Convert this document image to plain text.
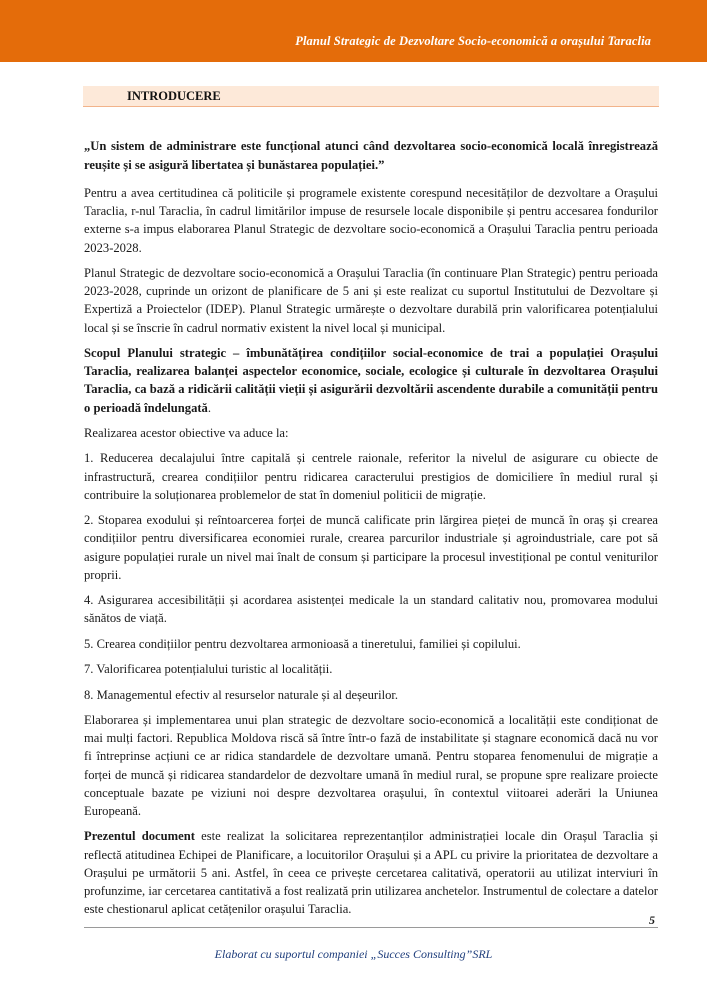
Planul Strategic de Dezvoltare Socio-economică a orașului Taraclia
INTRODUCERE

„Un sistem de administrare este funcțional atunci când dezvoltarea socio-economică locală înregistrează reușite și se asigură libertatea și bunăstarea populației.”

Pentru a avea certitudinea că politicile și programele existente corespund necesităților de dezvoltare a Orașului Taraclia, r-nul Taraclia, în cadrul limitărilor impuse de resursele locale disponibile și pentru accesarea fondurilor externe s-a impus elaborarea Planul Strategic de dezvoltare socio-economică a Orașului Taraclia pentru perioada 2023-2028.

Planul Strategic de dezvoltare socio-economică a Orașului Taraclia (în continuare Plan Strategic) pentru perioada 2023-2028, cuprinde un orizont de planificare de 5 ani și este realizat cu suportul Institutului de Dezvoltare și Expertiză a Proiectelor (IDEP). Planul Strategic urmărește o dezvoltare durabilă prin valorificarea potențialului local și se înscrie în cadrul normativ existent la nivel local și municipal.

Scopul Planului strategic – îmbunătățirea condițiilor social-economice de trai a populației Orașului Taraclia, realizarea balanței aspectelor economice, sociale, ecologice și culturale în dezvoltarea Orașului Taraclia, ca bază a ridicării calității vieții și asigurării dezvoltării ascendente durabile a comunității pentru o perioadă îndelungată.

Realizarea acestor obiective va aduce la:

1. Reducerea decalajului între capitală și centrele raionale, referitor la nivelul de asigurare cu obiecte de infrastructură, crearea condițiilor pentru ridicarea caracterului prestigios de domiciliere în mediul rural și contribuire la soluționarea problemelor de stat în domeniul politicii de migrație.

2. Stoparea exodului și reîntoarcerea forței de muncă calificate prin lărgirea pieței de muncă în oraș și crearea condițiilor pentru diversificarea economiei rurale, crearea parcurilor industriale și agroindustriale, care pot să asigure populației rurale un nivel mai înalt de consum și participare la procesul investițional pe contul veniturilor proprii.

4. Asigurarea accesibilității și acordarea asistenței medicale la un standard calitativ nou, promovarea modului sănătos de viață.

5. Crearea condițiilor pentru dezvoltarea armonioasă a tineretului, familiei și copilului.

7. Valorificarea potențialului turistic al localității.

8. Managementul efectiv al resurselor naturale și al deșeurilor.

Elaborarea și implementarea unui plan strategic de dezvoltare socio-economică a localității este condiționat de mai mulți factori. Republica Moldova riscă să între într-o fază de instabilitate și stagnare economică dacă nu vor fi întreprinse acțiuni ce ar ridica standardele de dezvoltare umană. Pentru stoparea fenomenului de migrație a forței de muncă și ridicarea standardelor de dezvoltare umană în mediul rural, se propune spre realizare proiecte conceptuale bazate pe viziuni noi despre dezvoltarea orașului, în contextul viitoarei aderări la Uniunea Europeană.

Prezentul document este realizat la solicitarea reprezentanților administrației locale din Orașul Taraclia și reflectă atitudinea Echipei de Planificare, a locuitorilor Orașului și a APL cu privire la prioritatea de dezvoltare a Orașului pe următorii 5 ani. Astfel, în ceea ce privește cercetarea calitativă, operatorii au utilizat interviuri în profunzime, iar cercetarea cantitativă a fost realizată prin utilizarea anchetelor. Instrumentul de colectare a datelor este chestionarul aplicat cetățenilor orașului Taraclia.

5
Elaborat cu suportul companiei „Succes Consulting”SRL
